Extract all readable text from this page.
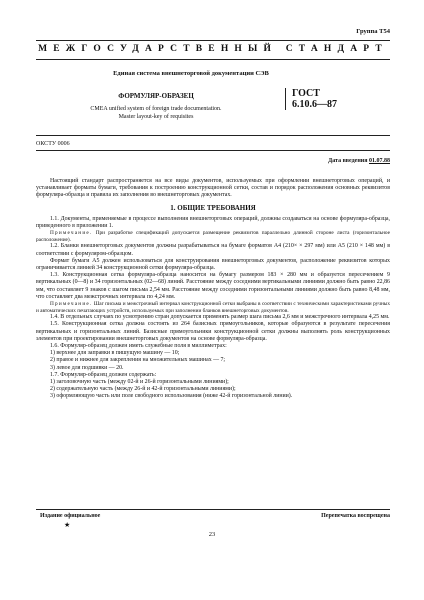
Группа Т54
МЕЖГОСУДАРСТВЕННЫЙ СТАНДАРТ
Единая система внешнеторговой документации СЭВ
ФОРМУЛЯР-ОБРАЗЕЦ
CMEA unified system of foreign trade documentation.
Master layout-key of requisites
ГОСТ
6.10.6—87
ОКСТУ 0006
Дата введения 01.07.88

Настоящий стандарт распространяется на все виды документов, используемых при оформлении внешнеторговых операций, и устанавливает форматы бумаги, требования к построению конструкционной сетки, состав и порядок расположения основных реквизитов формуляра-образца и правила их заполнения во внешнеторговых документах.

1. ОБЩИЕ ТРЕБОВАНИЯ

1.1. Документы, применяемые в процессе выполнения внешнеторговых операций, должны создаваться на основе формуляра-образца, приведенного в приложении 1.

Примечание. При разработке спецификаций допускается размещение реквизитов параллельно длинной стороне листа (горизонтальное расположение).

1.2. Бланки внешнеторговых документов должны разрабатываться на бумаге форматов А4 (210× × 297 мм) или А5 (210 × 148 мм) в соответствии с формуляром-образцом.

Формат бумаги А5 должен использоваться для конструирования внешнеторговых документов, расположение реквизитов которых ограничивается линией 34 конструкционной сетки формуляра-образца.

1.3. Конструкционная сетка формуляра-образца наносится на бумагу размером 183 × 280 мм и образуется пересечением 9 вертикальных (0—8) и 34 горизонтальных (02—68) линий. Расстояние между соседними вертикальными линиями должно быть равно 22,86 мм, что составляет 9 знаков с шагом письма 2,54 мм. Расстояние между соседними горизонтальными линиями должно быть равно 8,48 мм, что составляет два межстрочных интервала по 4,24 мм.

Примечание. Шаг письма и межстрочный интервал конструкционной сетки выбраны в соответствии с техническими характеристиками ручных и автоматических печатающих устройств, используемых при заполнении бланков внешнеторговых документов.

1.4. В отдельных случаях по усмотрению стран допускается применять размер шага письма 2,6 мм и межстрочного интервала 4,25 мм.

1.5. Конструкционная сетка должна состоять из 264 базисных прямоугольников, которые образуются в результате пересечения вертикальных и горизонтальных линий. Базисные прямоугольники конструкционной сетки должны выполнять роль конструкционных элементов при проектировании внешнеторговых документов на основе формуляра-образца.

1.6. Формуляр-образец должен иметь служебные поля в миллиметрах:

1) верхнее для заправки в пишущую машину — 10;

2) правое и нижнее для закрепления на множительных машинах — 7;

3) левое для подшивки — 20.

1.7. Формуляр-образец должен содержать:

1) заголовочную часть (между 02-й и 26-й горизонтальными линиями);

2) содержательную часть (между 26-й и 42-й горизонтальными линиями);

3) оформляющую часть или поле свободного использования (ниже 42-й горизонтальной линии).

Издание официальное	Перепечатка воспрещена
★
23
